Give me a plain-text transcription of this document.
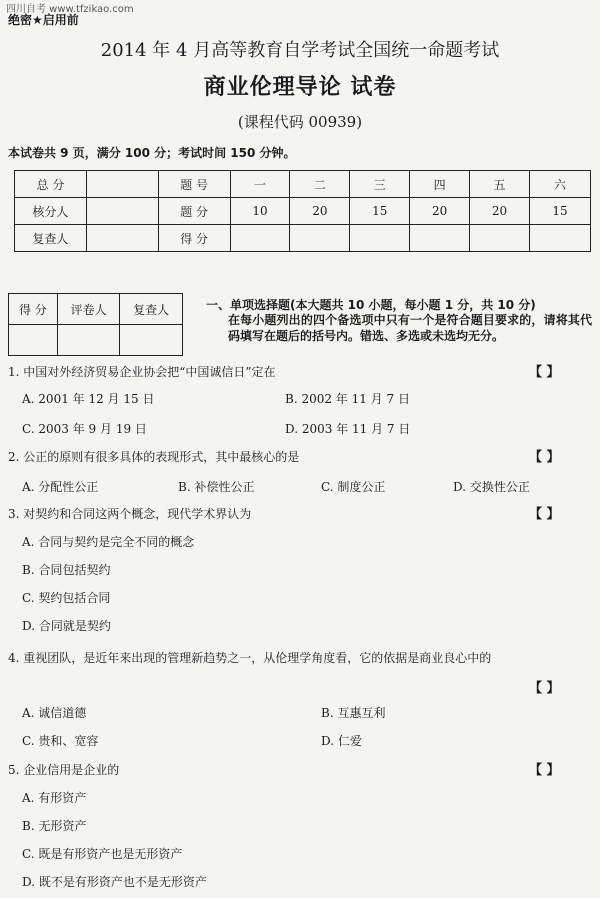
四川自考 www.tfzikao.com
绝密★启用前
2014 年 4 月高等教育自学考试全国统一命题考试
商业伦理导论 试卷
(课程代码 00939)
本试卷共 9 页，满分 100 分；考试时间 150 分钟。
总 分		题 号	一	二	三	四	五	六
核分人		题 分	10	20	15	20	20	15
复查人		得 分						
得 分	评卷人	复查人
			一、单项选择题(本大题共 10 小题，每小题 1 分，共 10 分)
在每小题列出的四个备选项中只有一个是符合题目要求的，请将其代码填写在题后的括号内。错选、多选或未选均无分。
1. 中国对外经济贸易企业协会把“中国诚信日”定在	【 】
A. 2001 年 12 月 15 日	B. 2002 年 11 月 7 日
C. 2003 年 9 月 19 日	D. 2003 年 11 月 7 日
2. 公正的原则有很多具体的表现形式，其中最核心的是	【 】
A. 分配性公正	B. 补偿性公正	C. 制度公正	D. 交换性公正
3. 对契约和合同这两个概念，现代学术界认为	【 】
A. 合同与契约是完全不同的概念
B. 合同包括契约
C. 契约包括合同
D. 合同就是契约
4. 重视团队，是近年来出现的管理新趋势之一，从伦理学角度看，它的依据是商业良心中的
【 】
A. 诚信道德	B. 互惠互利
C. 贵和、宽容	D. 仁爱
5. 企业信用是企业的	【 】
A. 有形资产
B. 无形资产
C. 既是有形资产也是无形资产
D. 既不是有形资产也不是无形资产
